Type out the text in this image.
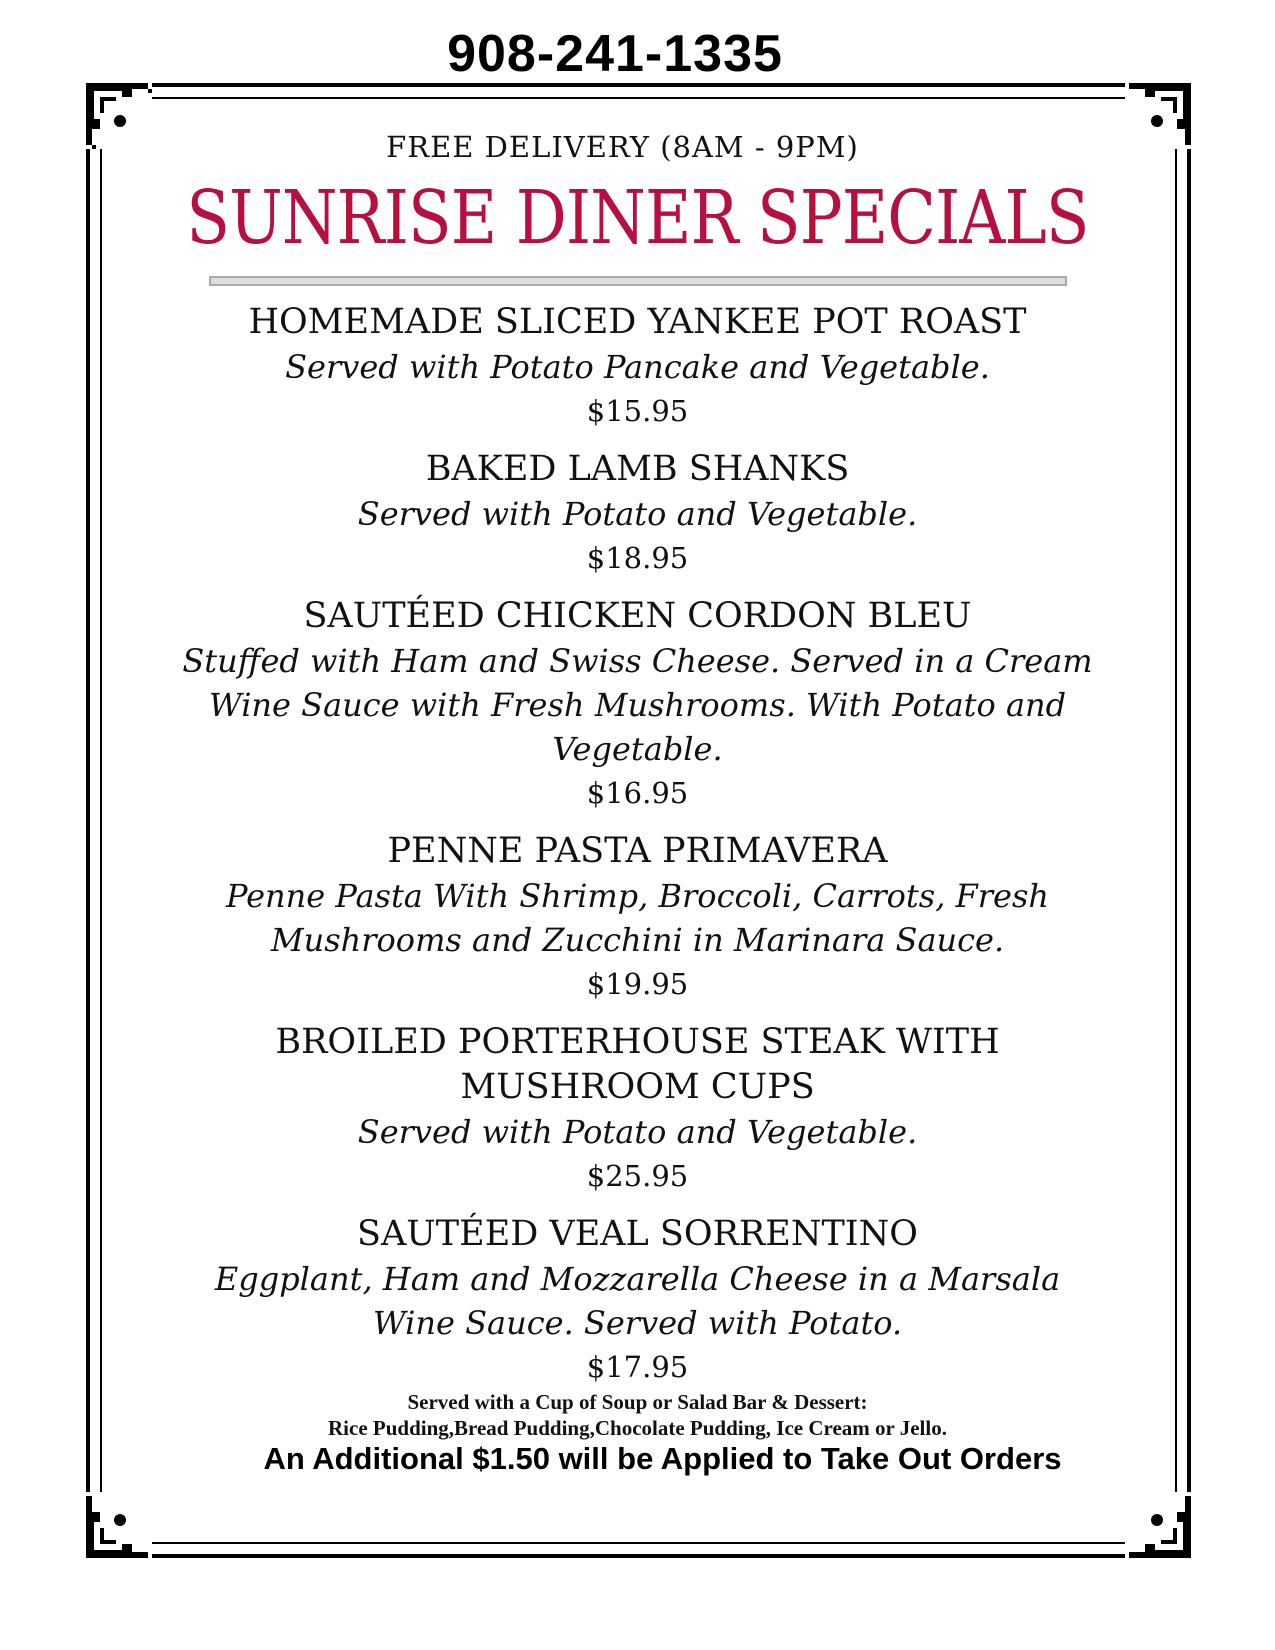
908-241-1335
FREE DELIVERY (8AM - 9PM)
SUNRISE DINER SPECIALS
HOMEMADE SLICED YANKEE POT ROAST
Served with Potato Pancake and Vegetable.
$15.95
BAKED LAMB SHANKS
Served with Potato and Vegetable.
$18.95
SAUTÉED CHICKEN CORDON BLEU
Stuffed with Ham and Swiss Cheese. Served in a Cream Wine Sauce with Fresh Mushrooms. With Potato and Vegetable.
$16.95
PENNE PASTA PRIMAVERA
Penne Pasta With Shrimp, Broccoli, Carrots, Fresh Mushrooms and Zucchini in Marinara Sauce.
$19.95
BROILED PORTERHOUSE STEAK WITH MUSHROOM CUPS
Served with Potato and Vegetable.
$25.95
SAUTÉED VEAL SORRENTINO
Eggplant, Ham and Mozzarella Cheese in a Marsala Wine Sauce. Served with Potato.
$17.95
Served with a Cup of Soup or Salad Bar & Dessert:
Rice Pudding,Bread Pudding,Chocolate Pudding, Ice Cream or Jello.
An Additional $1.50 will be Applied to Take Out Orders
